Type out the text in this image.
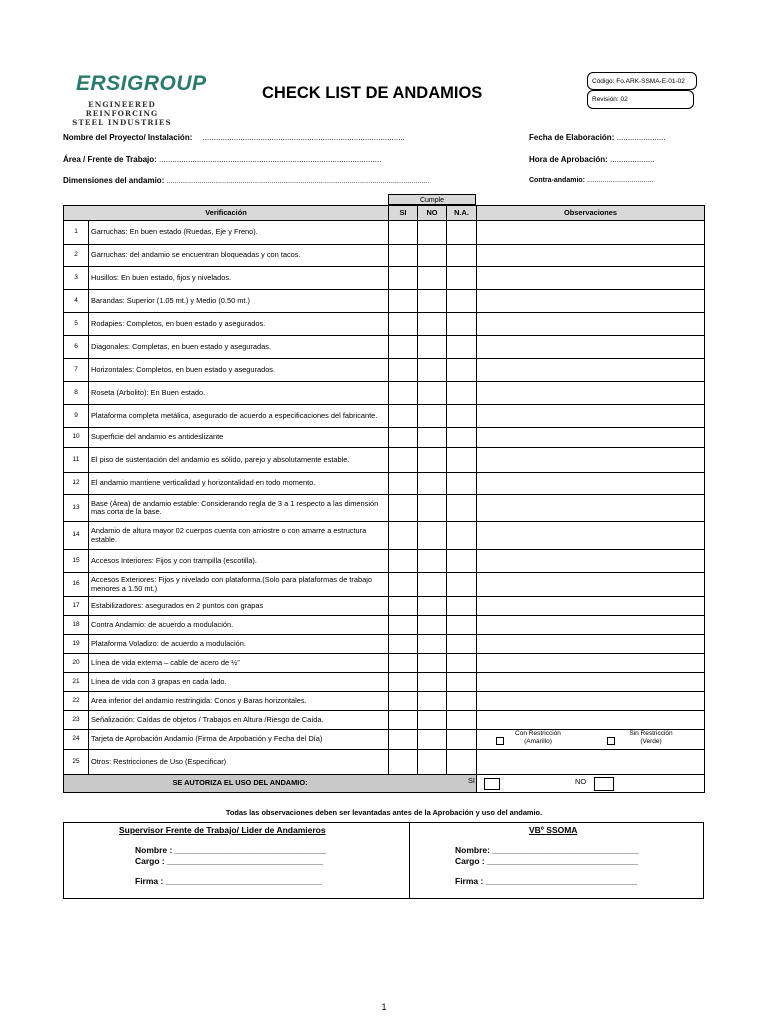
ERSIGROUP
ENGINEERED REINFORCING
STEEL INDUSTRIES
CHECK LIST DE ANDAMIOS
Código: Fo.ARK-SSMA-E-01-02
Revisión: 02
Nombre del Proyecto/ Instalación: ...........................................................................................	Fecha de Elaboración: ......................
Área / Frente de Trabajo: ....................................................................................................	Hora de Aprobación: ....................
Dimensiones del andamio: .......................................................................................................................................	Contra-andamio: ..................................
Cumple
Verificación		SI	NO	N.A.	Observaciones
1	Garruchas: En buen estado (Ruedas, Eje y Freno).				
2	Garruchas: del andamio se encuentran bloqueadas y con tacos.				
3	Husillos: En buen estado, fijos y nivelados.				
4	Barandas: Superior (1.05 mt.) y Medio (0.50 mt.)				
5	Rodapies: Completos, en buen estado y asegurados.				
6	Diagonales: Completas, en buen estado y aseguradas.				
7	Horizontales: Completos, en buen estado y asegurados.				
8	Roseta (Arbolito): En Buen estado.				
9	Plataforma completa metálica, asegurado de acuerdo a especificaciones del fabricante.				
10	Superficie del andamio es antideslizante				
11	El piso de sustentación del andamio es sólido, parejo y absolutamente estable.				
12	El andamio mantiene verticalidad y horizontalidad en todo momento.				
13	Base (Área) de andamio estable: Considerando regla de 3 a 1 respecto a las dimensión mas corta de la base.				
14	Andamio de altura mayor 02 cuerpos cuenta con arriostre o con amarre a estructura estable.				
15	Accesos Interiores: Fijos y con trampilla (escotilla).				
16	Accesos Exteriores: Fijos y nivelado con plataforma.(Solo para plataformas de trabajo menores a 1.50 mt.)				
17	Estabilizadores: asegurados en 2 puntos con grapas				
18	Contra Andamio: de acuerdo a modulación.				
19	Plataforma Voladizo: de acuerdo a modulación.				
20	Línea de vida externa – cable de acero de ½”				
21	Línea de vida con 3 grapas en cada lado.				
22	Area inferior del andamio restringida: Conos y Baras horizontales.				
23	Señalización: Caídas de objetos / Trabajos en Altura /Riesgo de Caída.				
24	Tarjeta de Aprobación Andamio (Firma de Arpobación y Fecha del Día)				Con Restricción
(Amarillo)
Sin Restricción
(Verde)

25	Otros: Restricciones de Uso (Especificar)				
SE AUTORIZA EL USO DEL ANDAMIO: SI					NO
Todas las observaciones deben ser levantadas antes de la Aprobación y uso del andamio.
Supervisor Frente de Trabajo/ Lider de Andamieros
Nombre : ________________________________
Cargo : _________________________________
Firma : _________________________________
VBº SSOMA
Nombre: _______________________________
Cargo : ________________________________
Firma : ________________________________
1
